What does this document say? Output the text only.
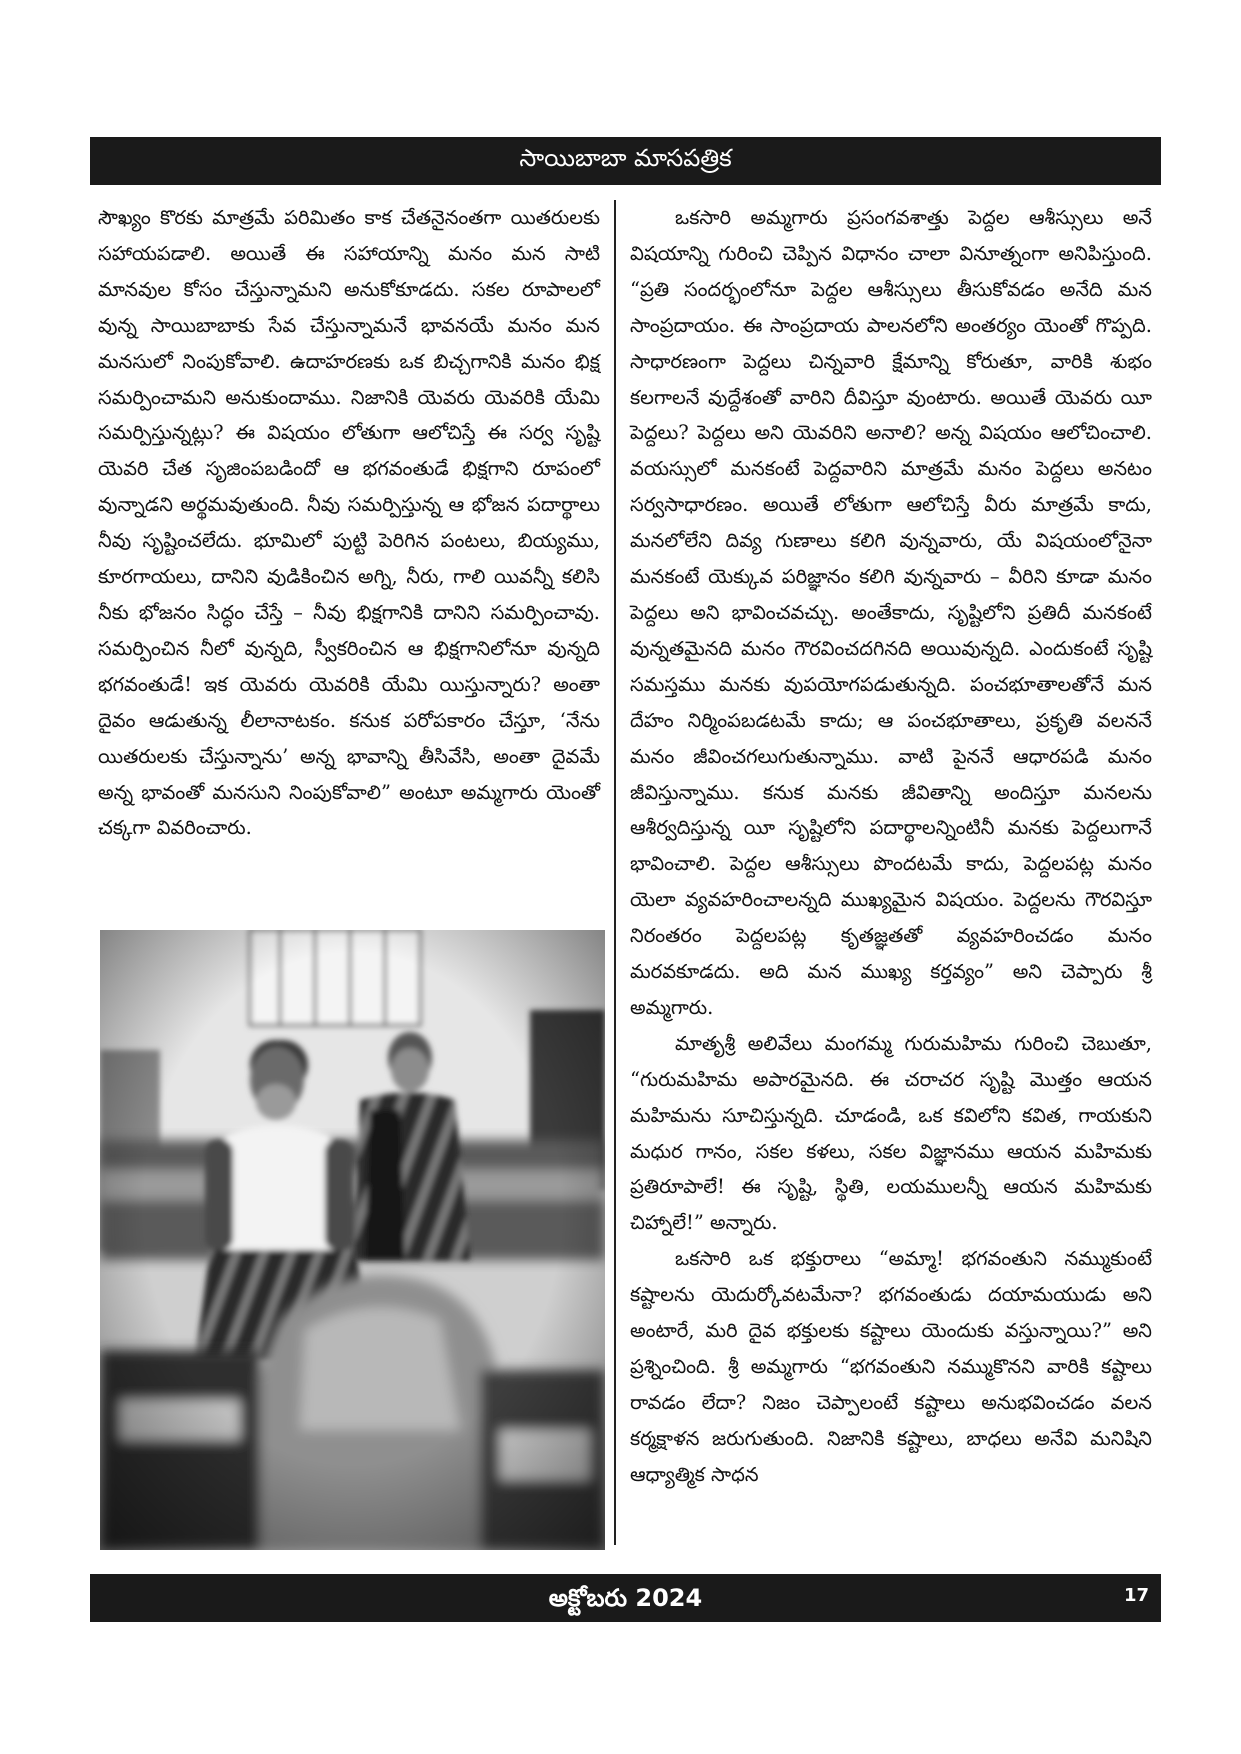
సాయిబాబా మాసపత్రిక

సౌఖ్యం కొరకు మాత్రమే పరిమితం కాక చేతనైనంతగా యితరులకు సహాయపడాలి. అయితే ఈ సహాయాన్ని మనం మన సాటి మానవుల కోసం చేస్తున్నామని అనుకోకూడదు. సకల రూపాలలో వున్న సాయిబాబాకు సేవ చేస్తున్నామనే భావనయే మనం మన మనసులో నింపుకోవాలి. ఉదాహరణకు ఒక బిచ్చగానికి మనం భిక్ష సమర్పించామని అనుకుందాము. నిజానికి యెవరు యెవరికి యేమి సమర్పిస్తున్నట్లు? ఈ విషయం లోతుగా ఆలోచిస్తే ఈ సర్వ సృష్టి యెవరి చేత సృజింపబడిందో ఆ భగవంతుడే భిక్షగాని రూపంలో వున్నాడని అర్థమవుతుంది. నీవు సమర్పిస్తున్న ఆ భోజన పదార్థాలు నీవు సృష్టించలేదు. భూమిలో పుట్టి పెరిగిన పంటలు, బియ్యము, కూరగాయలు, దానిని వుడికించిన అగ్ని, నీరు, గాలి యివన్నీ కలిసి నీకు భోజనం సిద్ధం చేస్తే – నీవు భిక్షగానికి దానిని సమర్పించావు. సమర్పించిన నీలో వున్నది, స్వీకరించిన ఆ భిక్షగానిలోనూ వున్నది భగవంతుడే! ఇక యెవరు యెవరికి యేమి యిస్తున్నారు? అంతా దైవం ఆడుతున్న లీలానాటకం. కనుక పరోపకారం చేస్తూ, ‘నేను యితరులకు చేస్తున్నాను’ అన్న భావాన్ని తీసివేసి, అంతా దైవమే అన్న భావంతో మనసుని నింపుకోవాలి” అంటూ అమ్మగారు యెంతో చక్కగా వివరించారు.

ఒకసారి అమ్మగారు ప్రసంగవశాత్తు పెద్దల ఆశీస్సులు అనే విషయాన్ని గురించి చెప్పిన విధానం చాలా వినూత్నంగా అనిపిస్తుంది. “ప్రతి సందర్భంలోనూ పెద్దల ఆశీస్సులు తీసుకోవడం అనేది మన సాంప్రదాయం. ఈ సాంప్రదాయ పాలనలోని అంతర్యం యెంతో గొప్పది. సాధారణంగా పెద్దలు చిన్నవారి క్షేమాన్ని కోరుతూ, వారికి శుభం కలగాలనే వుద్దేశంతో వారిని దీవిస్తూ వుంటారు. అయితే యెవరు యీ పెద్దలు? పెద్దలు అని యెవరిని అనాలి? అన్న విషయం ఆలోచించాలి. వయస్సులో మనకంటే పెద్దవారిని మాత్రమే మనం పెద్దలు అనటం సర్వసాధారణం. అయితే లోతుగా ఆలోచిస్తే వీరు మాత్రమే కాదు, మనలోలేని దివ్య గుణాలు కలిగి వున్నవారు, యే విషయంలోనైనా మనకంటే యెక్కువ పరిజ్ఞానం కలిగి వున్నవారు – వీరిని కూడా మనం పెద్దలు అని భావించవచ్చు. అంతేకాదు, సృష్టిలోని ప్రతిదీ మనకంటే వున్నతమైనది మనం గౌరవించదగినది అయివున్నది. ఎందుకంటే సృష్టి సమస్తము మనకు వుపయోగపడుతున్నది. పంచభూతాలతోనే మన దేహం నిర్మింపబడటమే కాదు; ఆ పంచభూతాలు, ప్రకృతి వలననే మనం జీవించగలుగుతున్నాము. వాటి పైననే ఆధారపడి మనం జీవిస్తున్నాము. కనుక మనకు జీవితాన్ని అందిస్తూ మనలను ఆశీర్వదిస్తున్న యీ సృష్టిలోని పదార్థాలన్నింటినీ మనకు పెద్దలుగానే భావించాలి. పెద్దల ఆశీస్సులు పొందటమే కాదు, పెద్దలపట్ల మనం యెలా వ్యవహరించాలన్నది ముఖ్యమైన విషయం. పెద్దలను గౌరవిస్తూ నిరంతరం పెద్దలపట్ల కృతజ్ఞతతో వ్యవహరించడం మనం మరవకూడదు. అది మన ముఖ్య కర్తవ్యం” అని చెప్పారు శ్రీ అమ్మగారు.

మాతృశ్రీ అలివేలు మంగమ్మ గురుమహిమ గురించి చెబుతూ, “గురుమహిమ అపారమైనది. ఈ చరాచర సృష్టి మొత్తం ఆయన మహిమను సూచిస్తున్నది. చూడండి, ఒక కవిలోని కవిత, గాయకుని మధుర గానం, సకల కళలు, సకల విజ్ఞానము ఆయన మహిమకు ప్రతిరూపాలే! ఈ సృష్టి, స్థితి, లయములన్నీ ఆయన మహిమకు చిహ్నాలే!” అన్నారు.

ఒకసారి ఒక భక్తురాలు “అమ్మా! భగవంతుని నమ్ముకుంటే కష్టాలను యెదుర్కోవటమేనా? భగవంతుడు దయామయుడు అని అంటారే, మరి దైవ భక్తులకు కష్టాలు యెందుకు వస్తున్నాయి?” అని ప్రశ్నించింది. శ్రీ అమ్మగారు “భగవంతుని నమ్ముకొనని వారికి కష్టాలు రావడం లేదా? నిజం చెప్పాలంటే కష్టాలు అనుభవించడం వలన కర్మక్షాళన జరుగుతుంది. నిజానికి కష్టాలు, బాధలు అనేవి మనిషిని ఆధ్యాత్మిక సాధన

అక్టోబరు 2024	17
